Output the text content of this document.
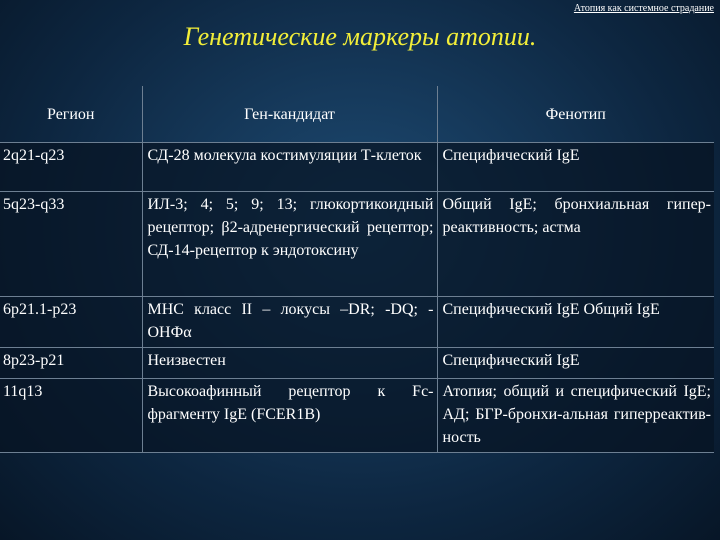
Атопия как системное страдание
Генетические маркеры атопии.
Регион	Ген-кандидат	Фенотип
2q21-q23	СД-28 молекула костимуляции Т-клеток	Специфический IgE
5q23-q33	ИЛ-3; 4; 5; 9; 13; глюкортикоидный рецептор; β2-адренергический рецептор; СД-14-рецептор к эндотоксину	Общий IgE; бронхиальная гипер-реактивность; астма
6p21.1-p23	MHC класс II – локусы –DR; -DQ; - ОНФα	Специфический IgE Общий IgE
8p23-p21	Неизвестен	Специфический IgE
11q13	Высокоафинный рецептор к Fc-фрагменту IgE (FCER1B)	Атопия; общий и специфический IgE; АД; БГР-бронхи-альная гиперреактив-ность
